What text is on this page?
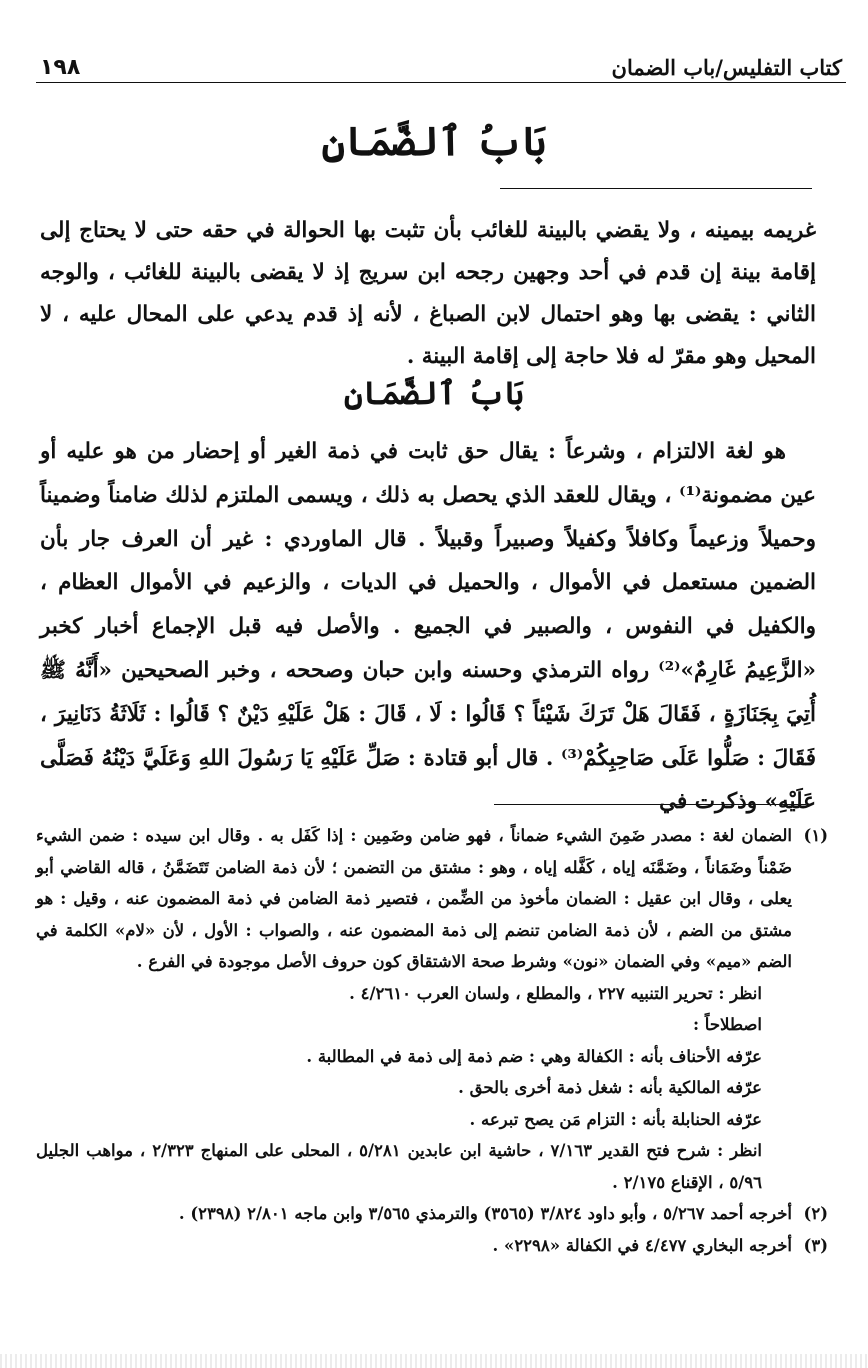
كتاب التفليس/باب الضمان
١٩٨
بَابُ ٱلضَّمَانِ

غريمه بيمينه ، ولا يقضي بالبينة للغائب بأن تثبت بها الحوالة في حقه حتى لا يحتاج إلى إقامة بينة إن قدم في أحد وجهين رجحه ابن سريج إذ لا يقضى بالبينة للغائب ، والوجه الثاني : يقضى بها وهو احتمال لابن الصباغ ، لأنه إذ قدم يدعي على المحال عليه ، لا المحيل وهو مقرّ له فلا حاجة إلى إقامة البينة .

بَابُ ٱلضَّمَانِ

هو لغة الالتزام ، وشرعاً : يقال حق ثابت في ذمة الغير أو إحضار من هو عليه أو عين مضمونة⁽¹⁾ ، ويقال للعقد الذي يحصل به ذلك ، ويسمى الملتزم لذلك ضامناً وضميناً وحميلاً وزعيماً وكافلاً وكفيلاً وصبيراً وقبيلاً . قال الماوردي : غير أن العرف جار بأن الضمين مستعمل في الأموال ، والحميل في الديات ، والزعيم في الأموال العظام ، والكفيل في النفوس ، والصبير في الجميع . والأصل فيه قبل الإجماع أخبار كخبر «الزَّعِيمُ غَارِمٌ»⁽²⁾ رواه الترمذي وحسنه وابن حبان وصححه ، وخبر الصحيحين «أَنَّهُ ﷺ أُتِيَ بِجَنَازَةٍ ، فَقَالَ هَلْ تَرَكَ شَيْئاً ؟ قَالُوا : لَا ، قَالَ : هَلْ عَلَيْهِ دَيْنٌ ؟ قَالُوا : ثَلَاثَةُ دَنَانِيرَ ، فَقَالَ : صَلُّوا عَلَى صَاحِبِكُمْ⁽³⁾ . قال أبو قتادة : صَلِّ عَلَيْهِ يَا رَسُولَ اللهِ وَعَلَيَّ دَيْنُهُ فَصَلَّى عَلَيْهِ» وذكرت في

(١)

الضمان لغة : مصدر ضَمِنَ الشيء ضماناً ، فهو ضامن وضَمِين : إذا كَفَل به . وقال ابن سيده : ضمن الشيء ضَمْناً وضَمَاناً ، وضَمَّنَه إياه ، كَفَّله إياه ، وهو : مشتق من التضمن ؛ لأن ذمة الضامن تَتَضَمَّنُ ، قاله القاضي أبو يعلى ، وقال ابن عقيل : الضمان مأخوذ من الضِّمن ، فتصير ذمة الضامن في ذمة المضمون عنه ، وقيل : هو مشتق من الضم ، لأن ذمة الضامن تنضم إلى ذمة المضمون عنه ، والصواب : الأول ، لأن «لام» الكلمة في الضم «ميم» وفي الضمان «نون» وشرط صحة الاشتقاق كون حروف الأصل موجودة في الفرع .

انظر : تحرير التنبيه ٢٢٧ ، والمطلع ، ولسان العرب ٤/٢٦١٠ .

اصطلاحاً :

عرّفه الأحناف بأنه : الكفالة وهي : ضم ذمة إلى ذمة في المطالبة .

عرّفه المالكية بأنه : شغل ذمة أخرى بالحق .

عرّفه الحنابلة بأنه : التزام مَن يصح تبرعه .

انظر : شرح فتح القدير ٧/١٦٣ ، حاشية ابن عابدين ٥/٢٨١ ، المحلى على المنهاج ٢/٣٢٣ ، مواهب الجليل ٥/٩٦ ، الإقناع ٢/١٧٥ .

(٢)

أخرجه أحمد ٥/٢٦٧ ، وأبو داود ٣/٨٢٤ (٣٥٦٥) والترمذي ٣/٥٦٥ وابن ماجه ٢/٨٠١ (٢٣٩٨) .

(٣)

أخرجه البخاري ٤/٤٧٧ في الكفالة «٢٢٩٨» .
